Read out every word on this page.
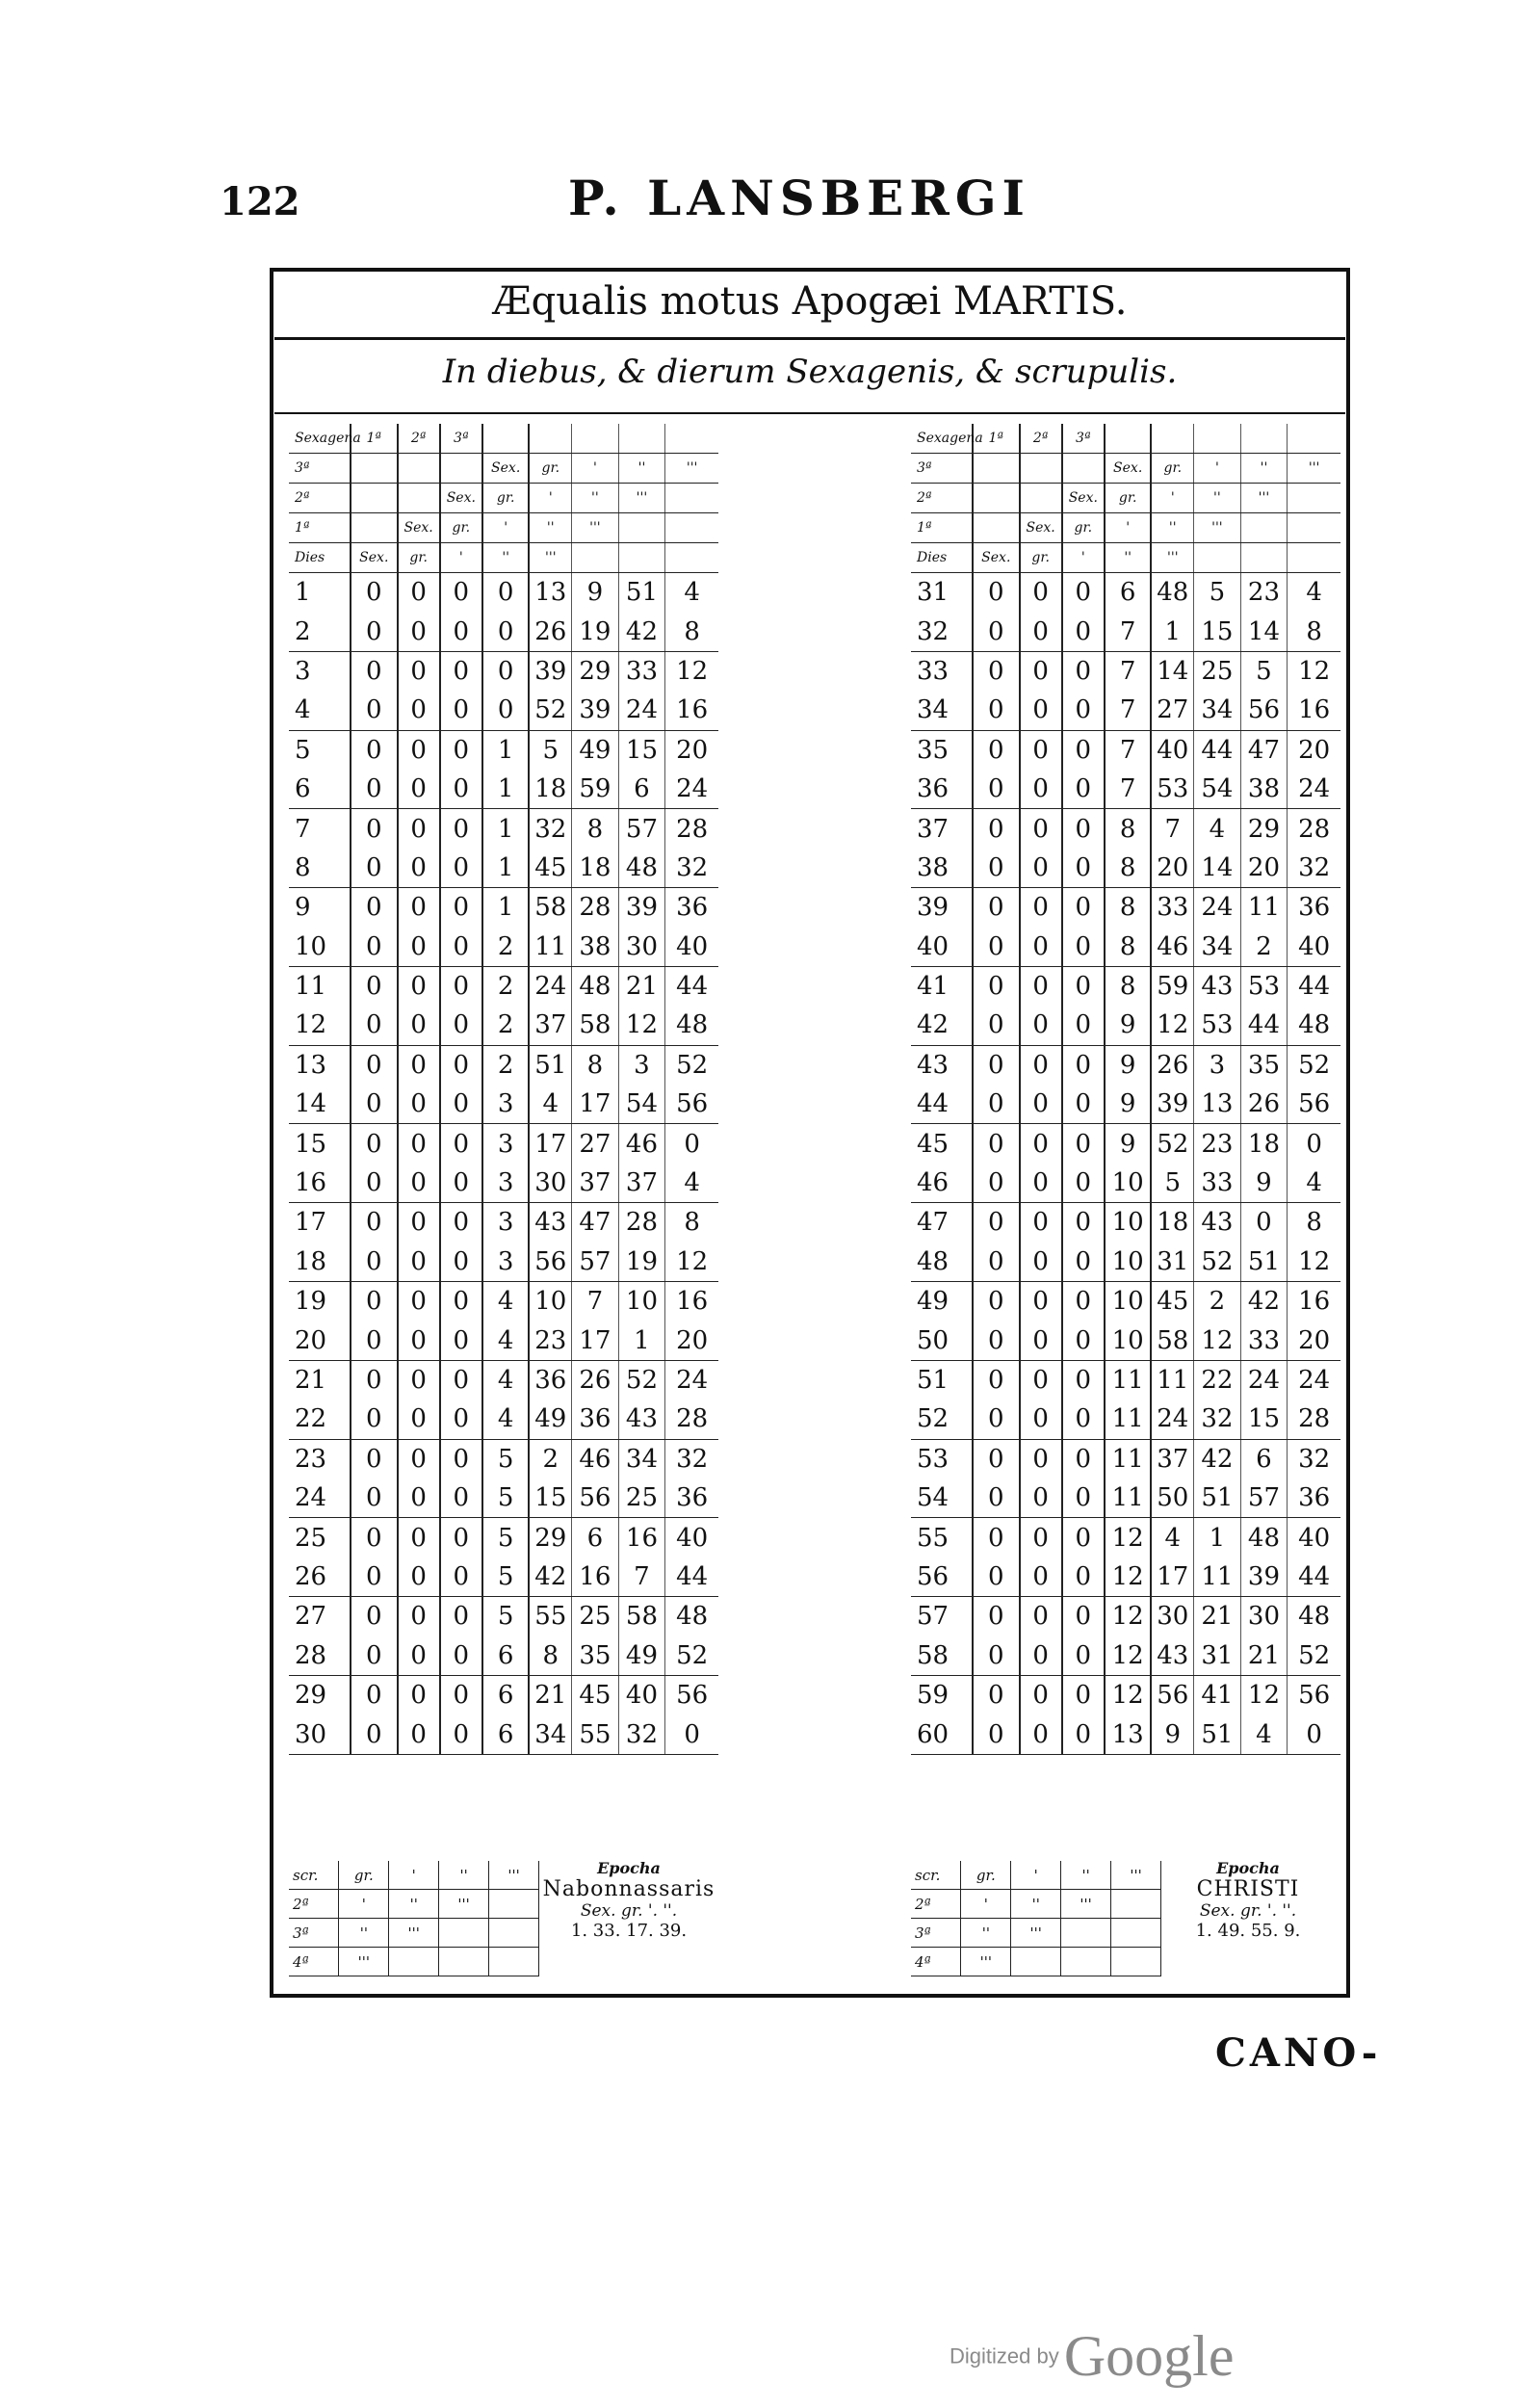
122	P. LANSBERGI
Æqualis motus Apogæi MARTIS.
In diebus, & dierum Sexagenis, & scrupulis.
Sexagena	1ª	2ª	3ª					
3ª				Sex.	gr.	'	''	'''
2ª			Sex.	gr.	'	''	'''	
1ª		Sex.	gr.	'	''	'''		
Dies	Sex.	gr.	'	''	'''			
1	0	0	0	0	13	9	51	4
2	0	0	0	0	26	19	42	8
3	0	0	0	0	39	29	33	12
4	0	0	0	0	52	39	24	16
5	0	0	0	1	5	49	15	20
6	0	0	0	1	18	59	6	24
7	0	0	0	1	32	8	57	28
8	0	0	0	1	45	18	48	32
9	0	0	0	1	58	28	39	36
10	0	0	0	2	11	38	30	40
11	0	0	0	2	24	48	21	44
12	0	0	0	2	37	58	12	48
13	0	0	0	2	51	8	3	52
14	0	0	0	3	4	17	54	56
15	0	0	0	3	17	27	46	0
16	0	0	0	3	30	37	37	4
17	0	0	0	3	43	47	28	8
18	0	0	0	3	56	57	19	12
19	0	0	0	4	10	7	10	16
20	0	0	0	4	23	17	1	20
21	0	0	0	4	36	26	52	24
22	0	0	0	4	49	36	43	28
23	0	0	0	5	2	46	34	32
24	0	0	0	5	15	56	25	36
25	0	0	0	5	29	6	16	40
26	0	0	0	5	42	16	7	44
27	0	0	0	5	55	25	58	48
28	0	0	0	6	8	35	49	52
29	0	0	0	6	21	45	40	56
30	0	0	0	6	34	55	32	0
Sexagena	1ª	2ª	3ª					
3ª				Sex.	gr.	'	''	'''
2ª			Sex.	gr.	'	''	'''	
1ª		Sex.	gr.	'	''	'''		
Dies	Sex.	gr.	'	''	'''			
31	0	0	0	6	48	5	23	4
32	0	0	0	7	1	15	14	8
33	0	0	0	7	14	25	5	12
34	0	0	0	7	27	34	56	16
35	0	0	0	7	40	44	47	20
36	0	0	0	7	53	54	38	24
37	0	0	0	8	7	4	29	28
38	0	0	0	8	20	14	20	32
39	0	0	0	8	33	24	11	36
40	0	0	0	8	46	34	2	40
41	0	0	0	8	59	43	53	44
42	0	0	0	9	12	53	44	48
43	0	0	0	9	26	3	35	52
44	0	0	0	9	39	13	26	56
45	0	0	0	9	52	23	18	0
46	0	0	0	10	5	33	9	4
47	0	0	0	10	18	43	0	8
48	0	0	0	10	31	52	51	12
49	0	0	0	10	45	2	42	16
50	0	0	0	10	58	12	33	20
51	0	0	0	11	11	22	24	24
52	0	0	0	11	24	32	15	28
53	0	0	0	11	37	42	6	32
54	0	0	0	11	50	51	57	36
55	0	0	0	12	4	1	48	40
56	0	0	0	12	17	11	39	44
57	0	0	0	12	30	21	30	48
58	0	0	0	12	43	31	21	52
59	0	0	0	12	56	41	12	56
60	0	0	0	13	9	51	4	0
scr.	gr.	'	''	'''
2ª	'	''	'''	
3ª	''	'''		
4ª	'''			
scr.	gr.	'	''	'''
2ª	'	''	'''	
3ª	''	'''		
4ª	'''			
Epocha
Nabonnassaris
Sex. gr. '. ''.
1. 33. 17. 39.
Epocha
CHRISTI
Sex. gr. '. ''.
1. 49. 55. 9.
CANO-
Digitized by Google
